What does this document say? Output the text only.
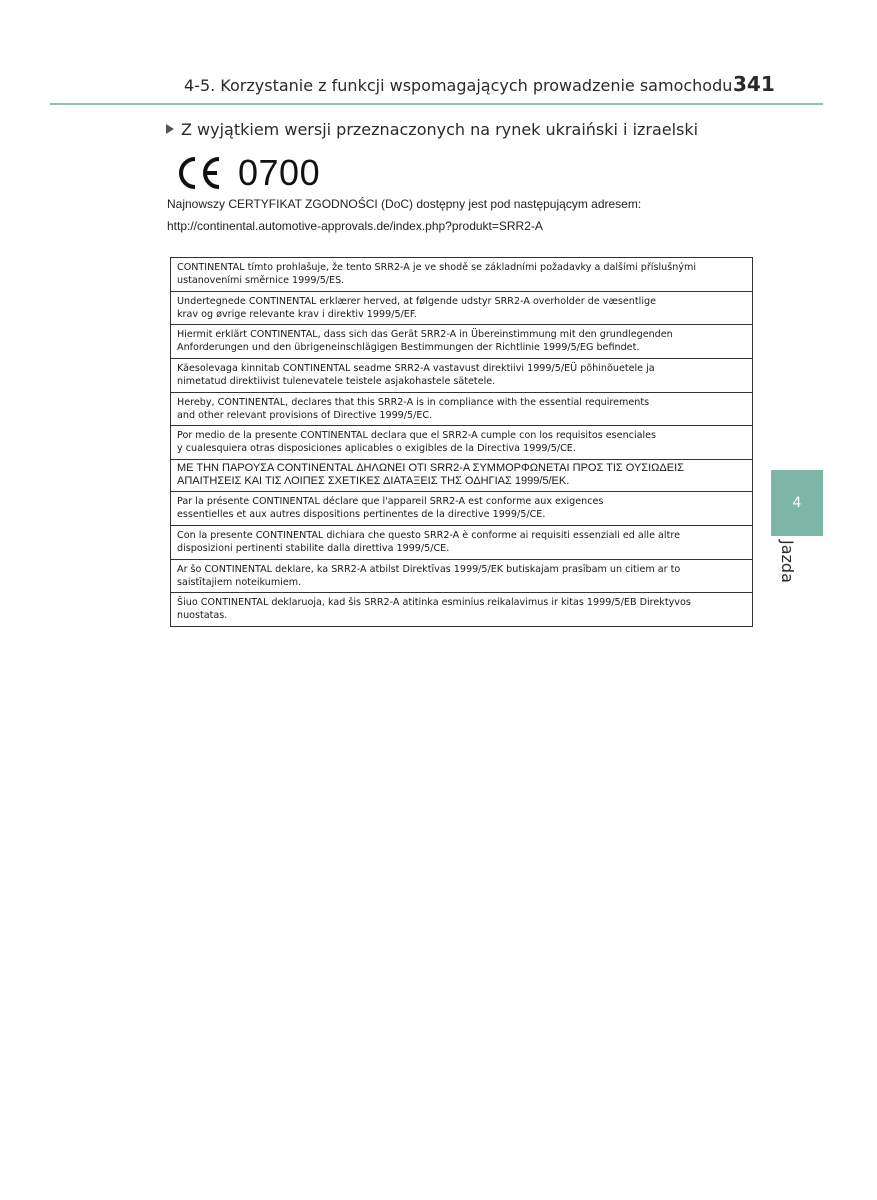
4-5. Korzystanie z funkcji wspomagających prowadzenie samochodu 341
Z wyjątkiem wersji przeznaczonych na rynek ukraiński i izraelski
0700
Najnowszy CERTYFIKAT ZGODNOŚCI (DoC) dostępny jest pod następującym adresem:
http://continental.automotive-approvals.de/index.php?produkt=SRR2-A
CONTINENTAL tímto prohlašuje, že tento SRR2-A je ve shodě se základními požadavky a dalšími příslušnými
ustanoveními směrnice 1999/5/ES.
Undertegnede CONTINENTAL erklærer herved, at følgende udstyr SRR2-A overholder de væsentlige
krav og øvrige relevante krav i direktiv 1999/5/EF.
Hiermit erklärt CONTINENTAL, dass sich das Gerät SRR2-A in Übereinstimmung mit den grundlegenden
Anforderungen und den übrigeneinschlägigen Bestimmungen der Richtlinie 1999/5/EG befindet.
Käesolevaga kinnitab CONTINENTAL seadme SRR2-A vastavust direktiivi 1999/5/EÜ põhinõuetele ja
nimetatud direktiivist tulenevatele teistele asjakohastele sätetele.
Hereby, CONTINENTAL, declares that this SRR2-A is in compliance with the essential requirements
and other relevant provisions of Directive 1999/5/EC.
Por medio de la presente CONTINENTAL declara que el SRR2-A cumple con los requisitos esenciales
y cualesquiera otras disposiciones aplicables o exigibles de la Directiva 1999/5/CE.
ΜΕ ΤΗΝ ΠΑΡΟΥΣΑ CONTINENTAL ΔΗΛΩΝΕΙ ΟΤΙ SRR2-A ΣΥΜΜΟΡΦΩΝΕΤΑΙ ΠΡΟΣ ΤΙΣ ΟΥΣΙΩΔΕΙΣ
ΑΠΑΙΤΗΣΕΙΣ ΚΑΙ ΤΙΣ ΛΟΙΠΕΣ ΣΧΕΤΙΚΕΣ ΔΙΑΤΑΞΕΙΣ ΤΗΣ ΟΔΗΓΙΑΣ 1999/5/ΕΚ.
Par la présente CONTINENTAL déclare que l'appareil SRR2-A est conforme aux exigences
essentielles et aux autres dispositions pertinentes de la directive 1999/5/CE.
Con la presente CONTINENTAL dichiara che questo SRR2-A è conforme ai requisiti essenziali ed alle altre
disposizioni pertinenti stabilite dalla direttiva 1999/5/CE.
Ar šo CONTINENTAL deklare, ka SRR2-A atbilst Direktīvas 1999/5/EK butiskajam prasībam un citiem ar to
saistītajiem noteikumiem.
Šiuo CONTINENTAL deklaruoja, kad šis SRR2-A atitinka esminius reikalavimus ir kitas 1999/5/EB Direktyvos
nuostatas.
4
Jazda
